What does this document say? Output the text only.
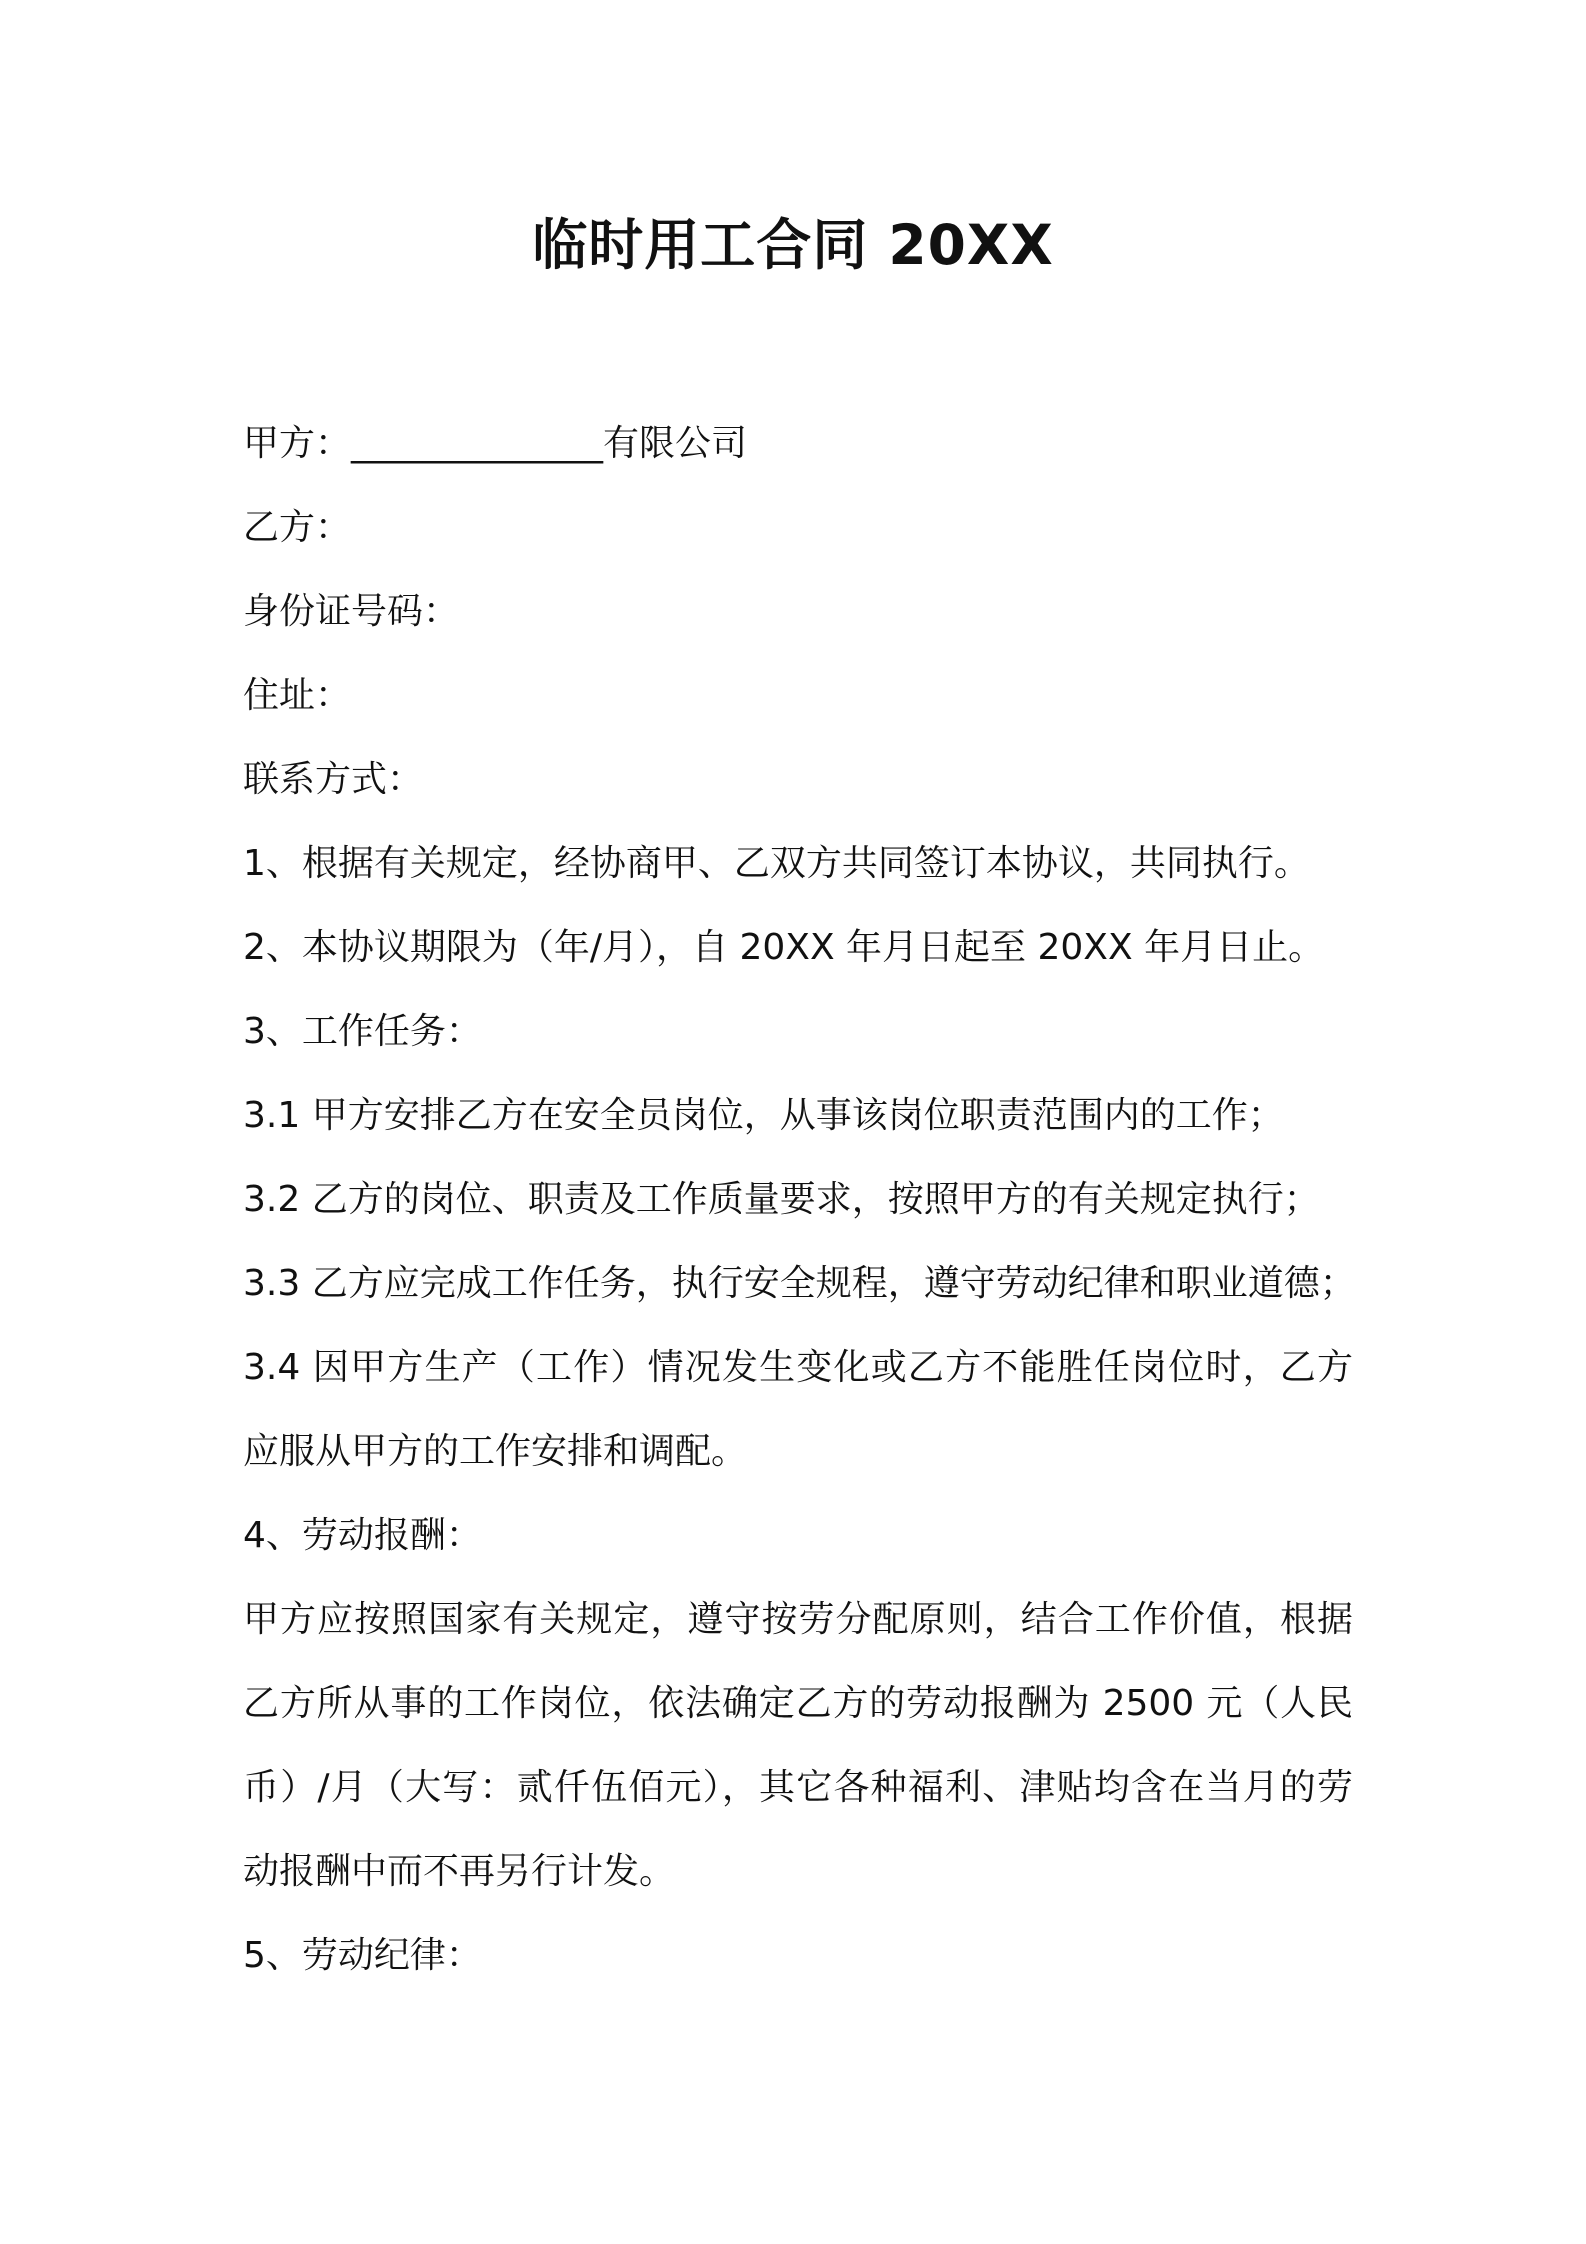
临时用工合同 20XX

甲方：______________有限公司

乙方：

身份证号码：

住址：

联系方式：

1、根据有关规定，经协商甲、乙双方共同签订本协议，共同执行。

2、本协议期限为（年/月），自 20XX 年月日起至 20XX 年月日止。

3、工作任务：

3.1 甲方安排乙方在安全员岗位，从事该岗位职责范围内的工作；

3.2 乙方的岗位、职责及工作质量要求，按照甲方的有关规定执行；

3.3 乙方应完成工作任务，执行安全规程，遵守劳动纪律和职业道德；

3.4 因甲方生产（工作）情况发生变化或乙方不能胜任岗位时，乙方应服从甲方的工作安排和调配。

4、劳动报酬：

甲方应按照国家有关规定，遵守按劳分配原则，结合工作价值，根据乙方所从事的工作岗位，依法确定乙方的劳动报酬为 2500 元（人民币）/月（大写：贰仟伍佰元），其它各种福利、津贴均含在当月的劳动报酬中而不再另行计发。

5、劳动纪律：
